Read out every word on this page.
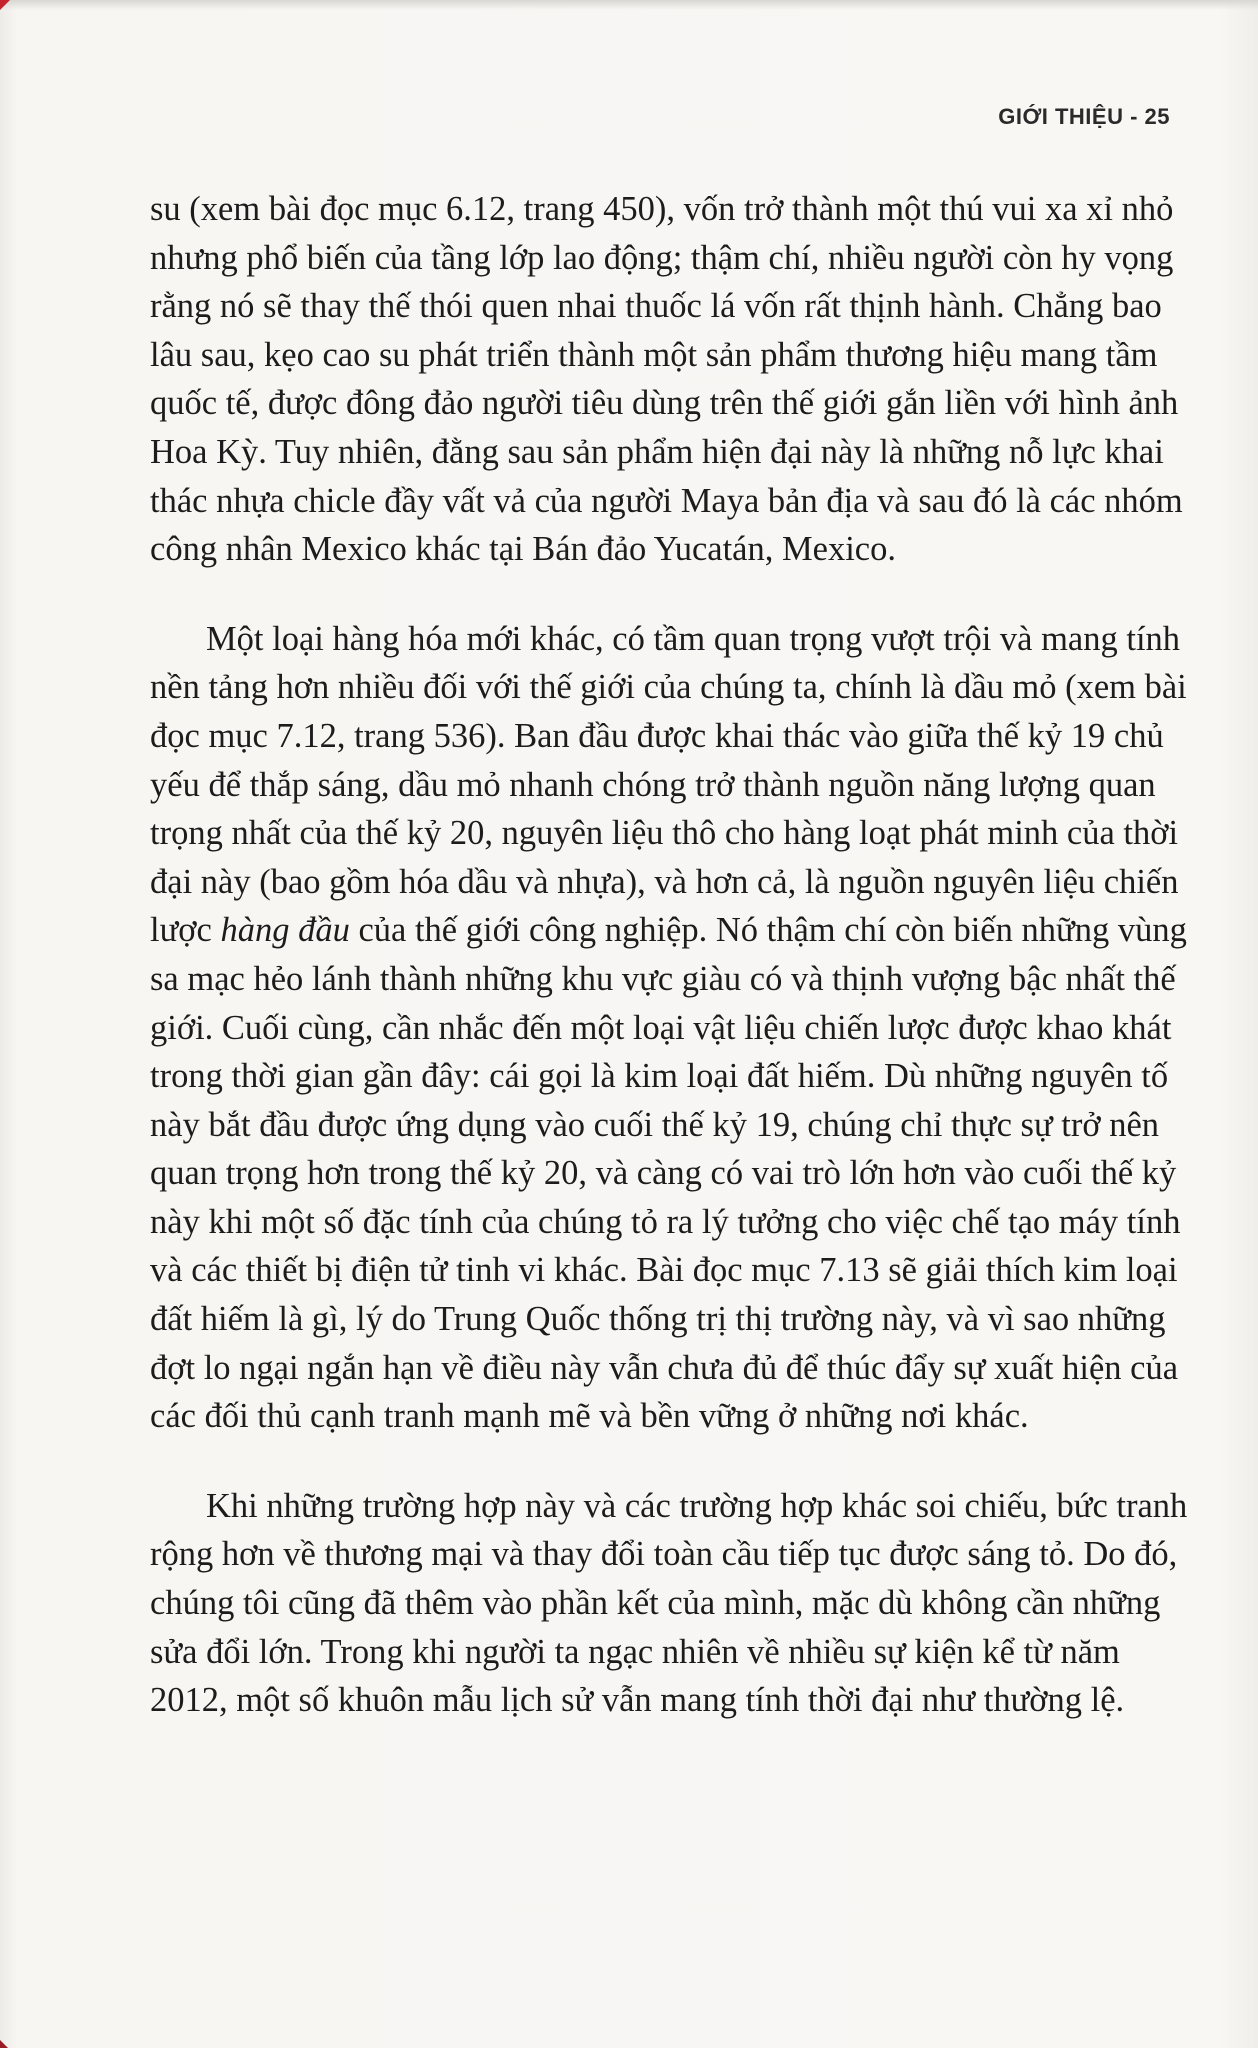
GIỚI THIỆU - 25

su (xem bài đọc mục 6.12, trang 450), vốn trở thành một thú vui xa xỉ nhỏ
nhưng phổ biến của tầng lớp lao động; thậm chí, nhiều người còn hy vọng
rằng nó sẽ thay thế thói quen nhai thuốc lá vốn rất thịnh hành. Chẳng bao
lâu sau, kẹo cao su phát triển thành một sản phẩm thương hiệu mang tầm
quốc tế, được đông đảo người tiêu dùng trên thế giới gắn liền với hình ảnh
Hoa Kỳ. Tuy nhiên, đằng sau sản phẩm hiện đại này là những nỗ lực khai
thác nhựa chicle đầy vất vả của người Maya bản địa và sau đó là các nhóm
công nhân Mexico khác tại Bán đảo Yucatán, Mexico.

Một loại hàng hóa mới khác, có tầm quan trọng vượt trội và mang tính
nền tảng hơn nhiều đối với thế giới của chúng ta, chính là dầu mỏ (xem bài
đọc mục 7.12, trang 536). Ban đầu được khai thác vào giữa thế kỷ 19 chủ
yếu để thắp sáng, dầu mỏ nhanh chóng trở thành nguồn năng lượng quan
trọng nhất của thế kỷ 20, nguyên liệu thô cho hàng loạt phát minh của thời
đại này (bao gồm hóa dầu và nhựa), và hơn cả, là nguồn nguyên liệu chiến
lược hàng đầu của thế giới công nghiệp. Nó thậm chí còn biến những vùng
sa mạc hẻo lánh thành những khu vực giàu có và thịnh vượng bậc nhất thế
giới. Cuối cùng, cần nhắc đến một loại vật liệu chiến lược được khao khát
trong thời gian gần đây: cái gọi là kim loại đất hiếm. Dù những nguyên tố
này bắt đầu được ứng dụng vào cuối thế kỷ 19, chúng chỉ thực sự trở nên
quan trọng hơn trong thế kỷ 20, và càng có vai trò lớn hơn vào cuối thế kỷ
này khi một số đặc tính của chúng tỏ ra lý tưởng cho việc chế tạo máy tính
và các thiết bị điện tử tinh vi khác. Bài đọc mục 7.13 sẽ giải thích kim loại
đất hiếm là gì, lý do Trung Quốc thống trị thị trường này, và vì sao những
đợt lo ngại ngắn hạn về điều này vẫn chưa đủ để thúc đẩy sự xuất hiện của
các đối thủ cạnh tranh mạnh mẽ và bền vững ở những nơi khác.

Khi những trường hợp này và các trường hợp khác soi chiếu, bức tranh
rộng hơn về thương mại và thay đổi toàn cầu tiếp tục được sáng tỏ. Do đó,
chúng tôi cũng đã thêm vào phần kết của mình, mặc dù không cần những
sửa đổi lớn. Trong khi người ta ngạc nhiên về nhiều sự kiện kể từ năm
2012, một số khuôn mẫu lịch sử vẫn mang tính thời đại như thường lệ.
